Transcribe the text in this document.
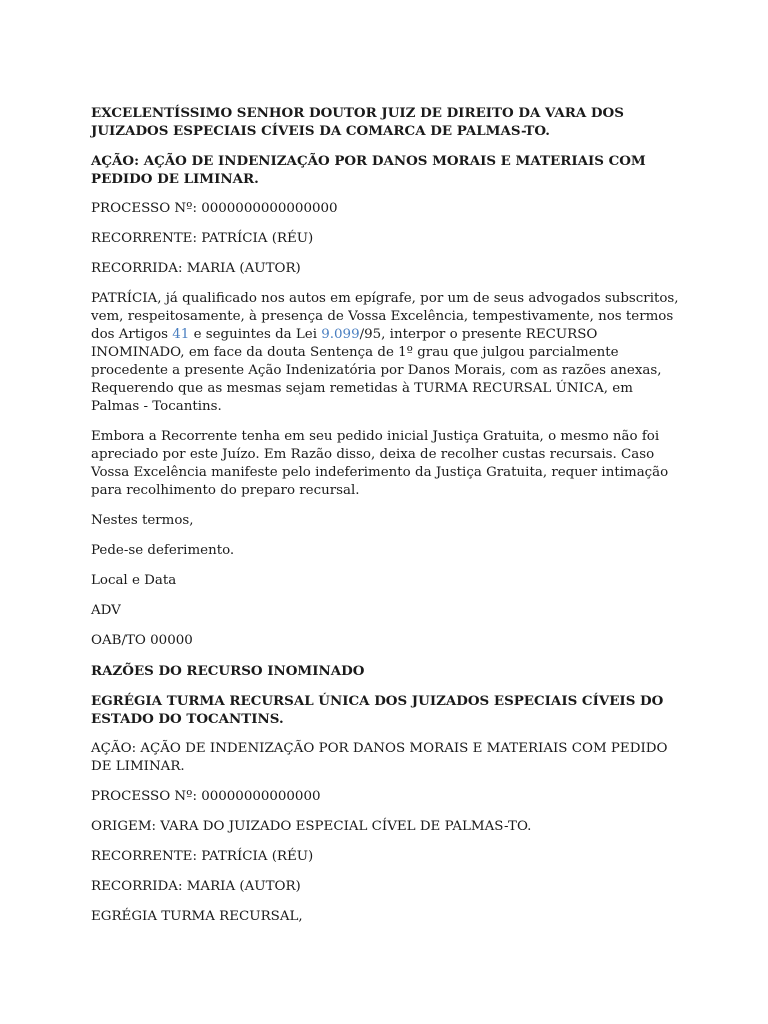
EXCELENTÍSSIMO SENHOR DOUTOR JUIZ DE DIREITO DA VARA DOS JUIZADOS ESPECIAIS CÍVEIS DA COMARCA DE PALMAS-TO.

AÇÃO: AÇÃO DE INDENIZAÇÃO POR DANOS MORAIS E MATERIAIS COM PEDIDO DE LIMINAR.

PROCESSO Nº: 0000000000000000

RECORRENTE: PATRÍCIA (RÉU)

RECORRIDA: MARIA (AUTOR)

PATRÍCIA, já qualificado nos autos em epígrafe, por um de seus advogados subscritos, vem, respeitosamente, à presença de Vossa Excelência, tempestivamente, nos termos dos Artigos 41 e seguintes da Lei 9.099/95, interpor o presente RECURSO INOMINADO, em face da douta Sentença de 1º grau que julgou parcialmente procedente a presente Ação Indenizatória por Danos Morais, com as razões anexas, Requerendo que as mesmas sejam remetidas à TURMA RECURSAL ÚNICA, em Palmas - Tocantins.

Embora a Recorrente tenha em seu pedido inicial Justiça Gratuita, o mesmo não foi apreciado por este Juízo. Em Razão disso, deixa de recolher custas recursais. Caso Vossa Excelência manifeste pelo indeferimento da Justiça Gratuita, requer intimação para recolhimento do preparo recursal.

Nestes termos,

Pede-se deferimento.

Local e Data

ADV

OAB/TO 00000

RAZÕES DO RECURSO INOMINADO

EGRÉGIA TURMA RECURSAL ÚNICA DOS JUIZADOS ESPECIAIS CÍVEIS DO ESTADO DO TOCANTINS.

AÇÃO: AÇÃO DE INDENIZAÇÃO POR DANOS MORAIS E MATERIAIS COM PEDIDO DE LIMINAR.

PROCESSO Nº: 00000000000000

ORIGEM: VARA DO JUIZADO ESPECIAL CÍVEL DE PALMAS-TO.

RECORRENTE: PATRÍCIA (RÉU)

RECORRIDA: MARIA (AUTOR)

EGRÉGIA TURMA RECURSAL,
